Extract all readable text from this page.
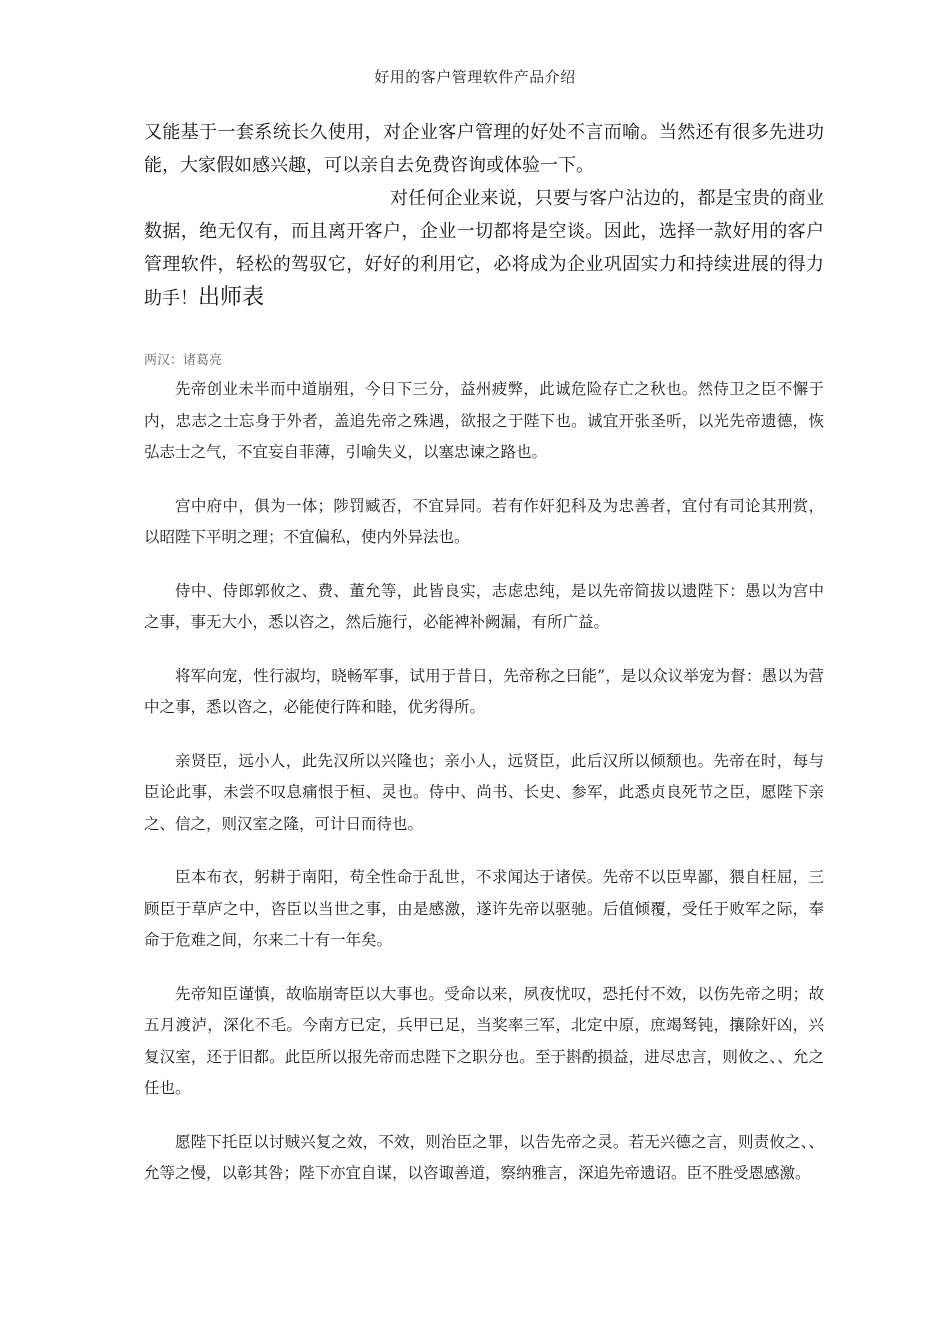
好用的客户管理软件产品介绍

又能基于一套系统长久使用，对企业客户管理的好处不言而喻。当然还有很多先进功能，大家假如感兴趣，可以亲自去免费咨询或体验一下。

对任何企业来说，只要与客户沾边的，都是宝贵的商业数据，绝无仅有，而且离开客户，企业一切都将是空谈。因此，选择一款好用的客户管理软件，轻松的驾驭它，好好的利用它，必将成为企业巩固实力和持续进展的得力助手！出师表

两汉：诸葛亮

先帝创业未半而中道崩殂，今日下三分，益州疲弊，此诚危险存亡之秋也。然侍卫之臣不懈于内，忠志之士忘身于外者，盖追先帝之殊遇，欲报之于陛下也。诚宜开张圣听，以光先帝遗德，恢弘志士之气，不宜妄自菲薄，引喻失义，以塞忠谏之路也。

宫中府中，俱为一体；陟罚臧否，不宜异同。若有作奸犯科及为忠善者，宜付有司论其刑赏，以昭陛下平明之理；不宜偏私，使内外异法也。

侍中、侍郎郭攸之、费、董允等，此皆良实，志虑忠纯，是以先帝简拔以遗陛下：愚以为宫中之事，事无大小，悉以咨之，然后施行，必能裨补阙漏，有所广益。

将军向宠，性行淑均，晓畅军事，试用于昔日，先帝称之曰能”，是以众议举宠为督：愚以为营中之事，悉以咨之，必能使行阵和睦，优劣得所。

亲贤臣，远小人，此先汉所以兴隆也；亲小人，远贤臣，此后汉所以倾颓也。先帝在时，每与臣论此事，未尝不叹息痛恨于桓、灵也。侍中、尚书、长史、参军，此悉贞良死节之臣，愿陛下亲之、信之，则汉室之隆，可计日而待也。

臣本布衣，躬耕于南阳，苟全性命于乱世，不求闻达于诸侯。先帝不以臣卑鄙，猥自枉屈，三顾臣于草庐之中，咨臣以当世之事，由是感激，遂许先帝以驱驰。后值倾覆，受任于败军之际，奉命于危难之间，尔来二十有一年矣。

先帝知臣谨慎，故临崩寄臣以大事也。受命以来，夙夜忧叹，恐托付不效，以伤先帝之明；故五月渡泸，深化不毛。今南方已定，兵甲已足，当奖率三军，北定中原，庶竭驽钝，攘除奸凶，兴复汉室，还于旧都。此臣所以报先帝而忠陛下之职分也。至于斟酌损益，进尽忠言，则攸之、、允之任也。

愿陛下托臣以讨贼兴复之效，不效，则治臣之罪，以告先帝之灵。若无兴德之言，则责攸之、、允等之慢，以彰其咎；陛下亦宜自谋，以咨诹善道，察纳雅言，深追先帝遗诏。臣不胜受恩感激。
